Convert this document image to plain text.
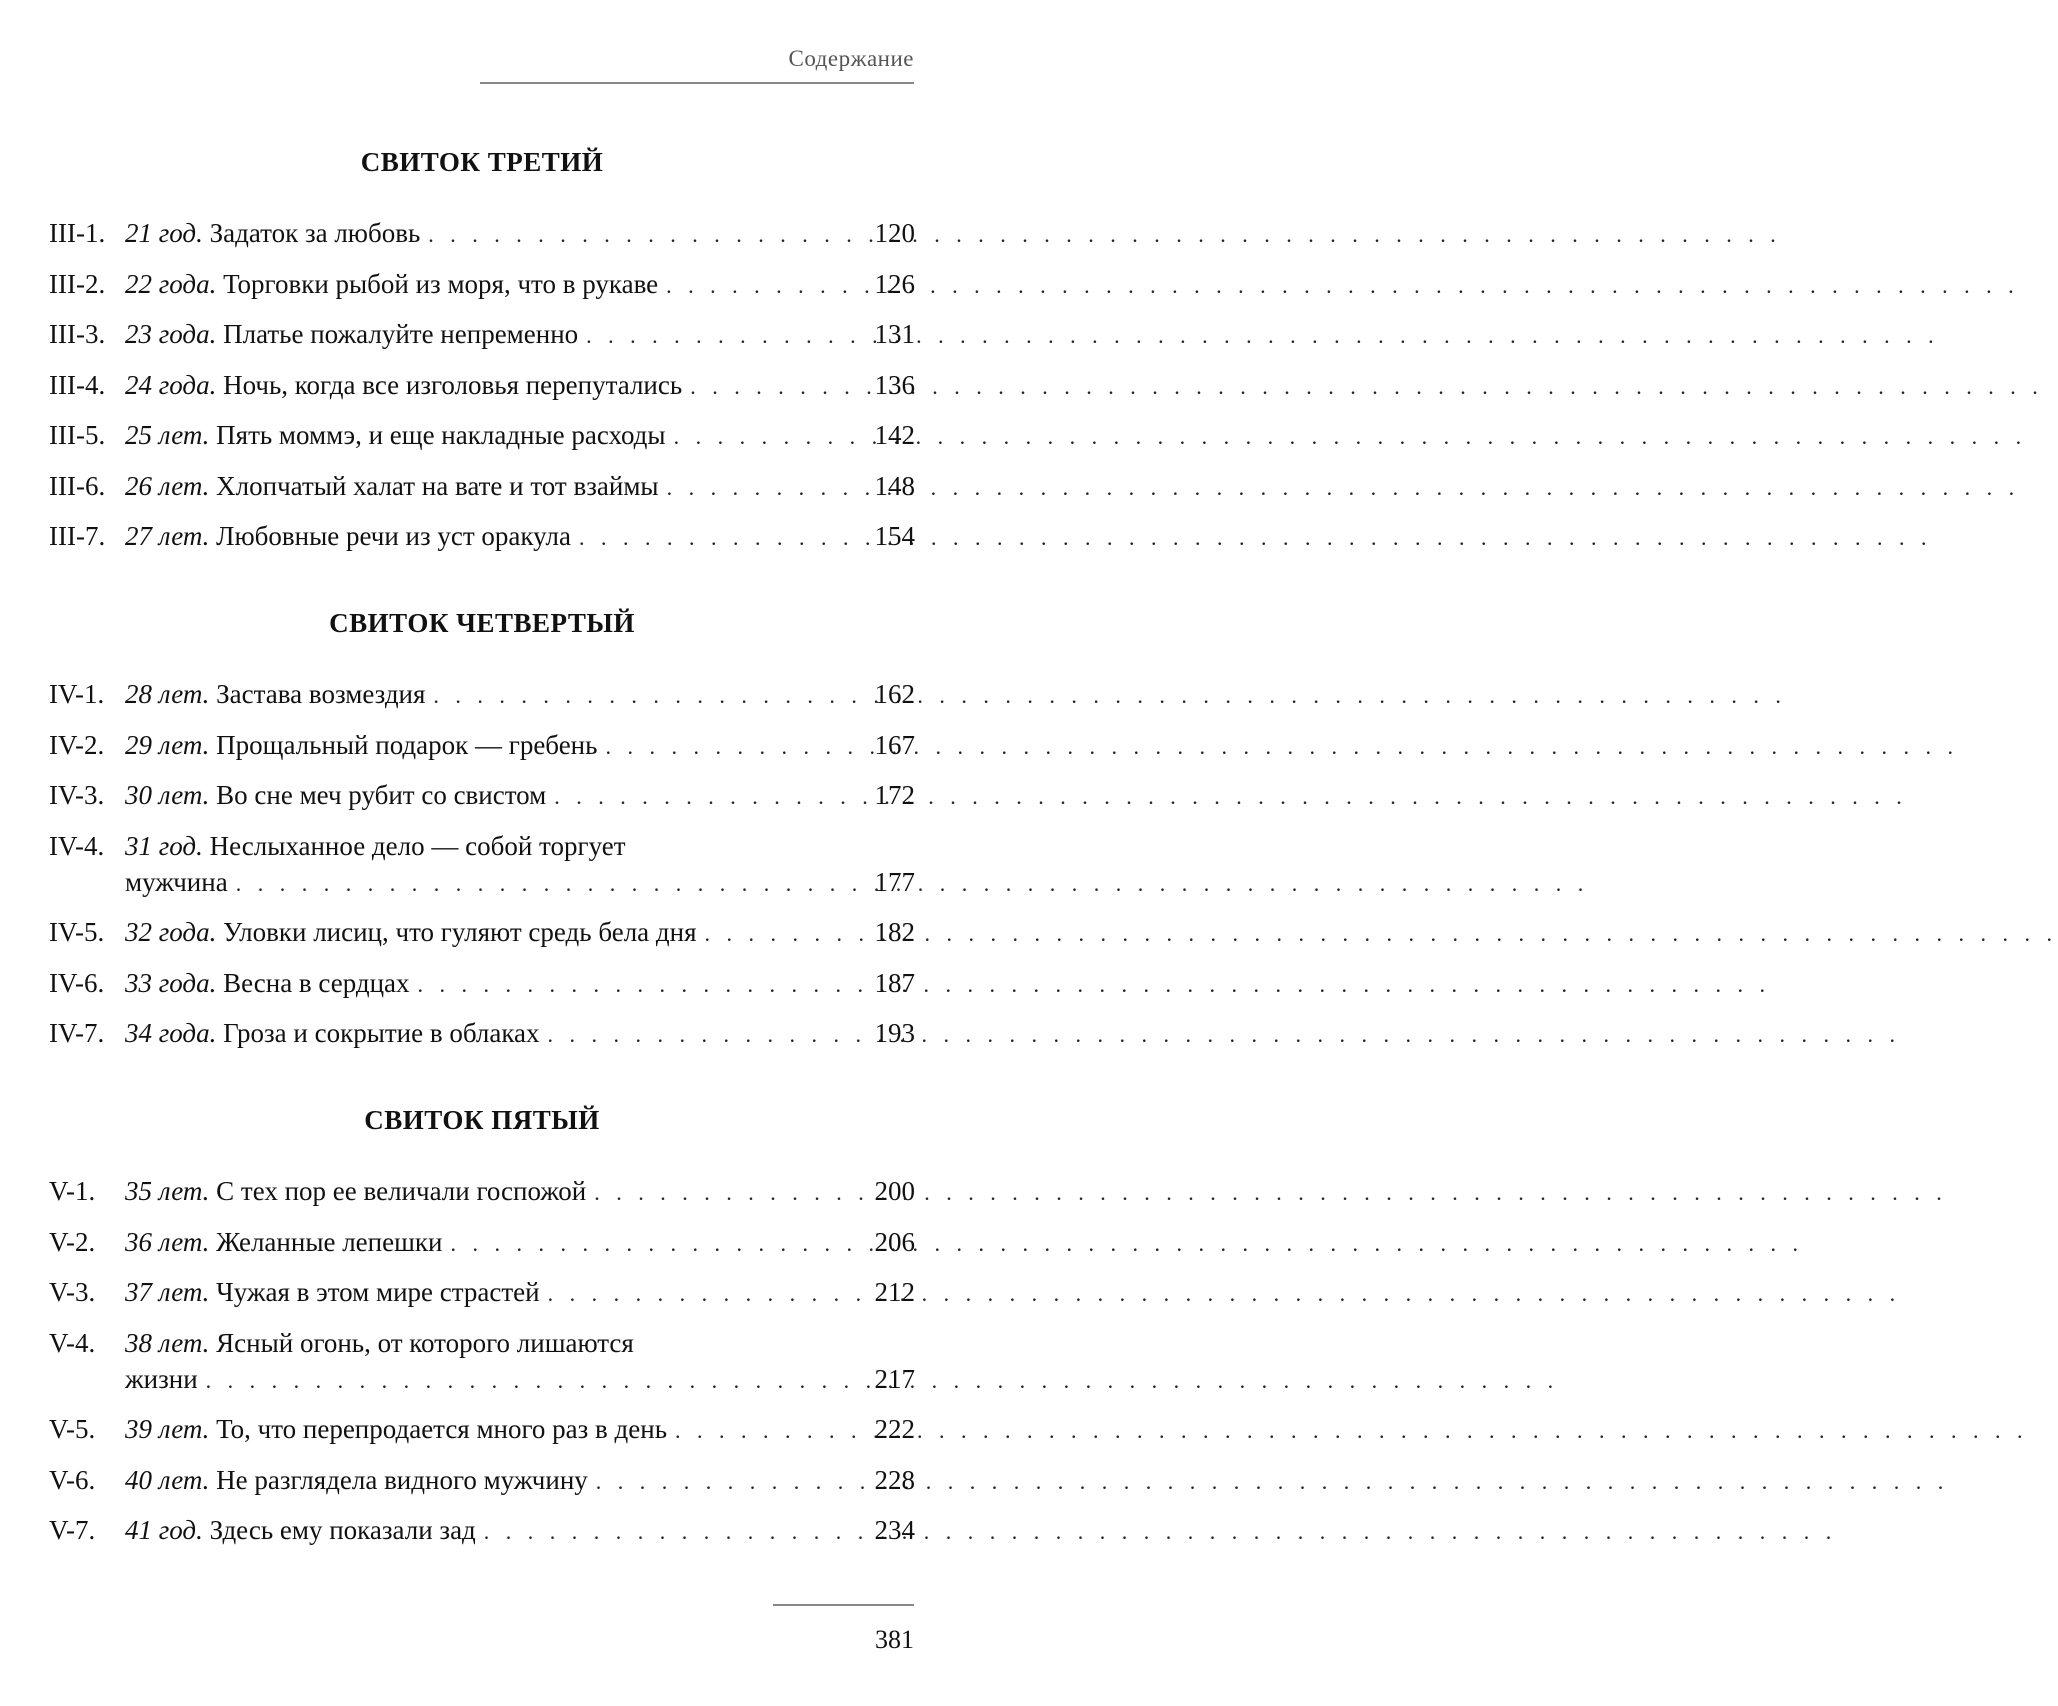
Содержание
СВИТОК ТРЕТИЙ
III-1. 21 год. Задаток за любовь . . .	120
III-2. 22 года. Торговки рыбой из моря, что в рукаве . . .	126
III-3. 23 года. Платье пожалуйте непременно . . .	131
III-4. 24 года. Ночь, когда все изголовья перепутались . . .	136
III-5. 25 лет. Пять моммэ, и еще накладные расходы . . .	142
III-6. 26 лет. Хлопчатый халат на вате и тот взаймы . . .	148
III-7. 27 лет. Любовные речи из уст оракула . . .	154
СВИТОК ЧЕТВЕРТЫЙ
IV-1. 28 лет. Застава возмездия . . .	162
IV-2. 29 лет. Прощальный подарок — гребень . . .	167
IV-3. 30 лет. Во сне меч рубит со свистом . . .	172
IV-4. 31 год. Неслыханное дело — собой торгует
мужчина . . .	177
IV-5. 32 года. Уловки лисиц, что гуляют средь бела дня . . .	182
IV-6. 33 года. Весна в сердцах . . .	187
IV-7. 34 года. Гроза и сокрытие в облаках . . .	193
СВИТОК ПЯТЫЙ
V-1.	35 лет. С тех пор ее величали госпожой . . .	200
V-2.	36 лет. Желанные лепешки . . .	206
V-3.	37 лет. Чужая в этом мире страстей . . .	212
V-4.	38 лет. Ясный огонь, от которого лишаются
жизни . . .	217
V-5.	39 лет. То, что перепродается много раз в день . . .	222
V-6.	40 лет. Не разглядела видного мужчину . . .	228
V-7.	41 год. Здесь ему показали зад . . .	234
381
